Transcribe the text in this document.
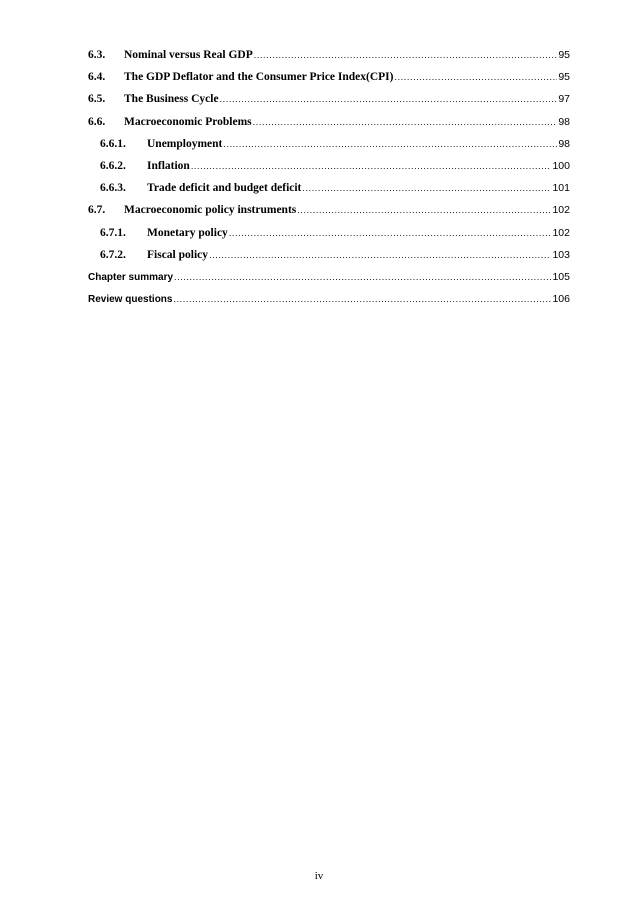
6.3.	Nominal versus Real GDP .....	95
6.4.	The GDP Deflator and the Consumer Price Index(CPI) .....	95
6.5.	The Business Cycle .....	97
6.6.	Macroeconomic Problems .....	98
6.6.1.	Unemployment .....	98
6.6.2.	Inflation .....	100
6.6.3.	Trade deficit and budget deficit .....	101
6.7.	Macroeconomic policy instruments .....	102
6.7.1.	Monetary policy .....	102
6.7.2.	Fiscal policy .....	103
Chapter summary .....	105
Review questions .....	106
iv
